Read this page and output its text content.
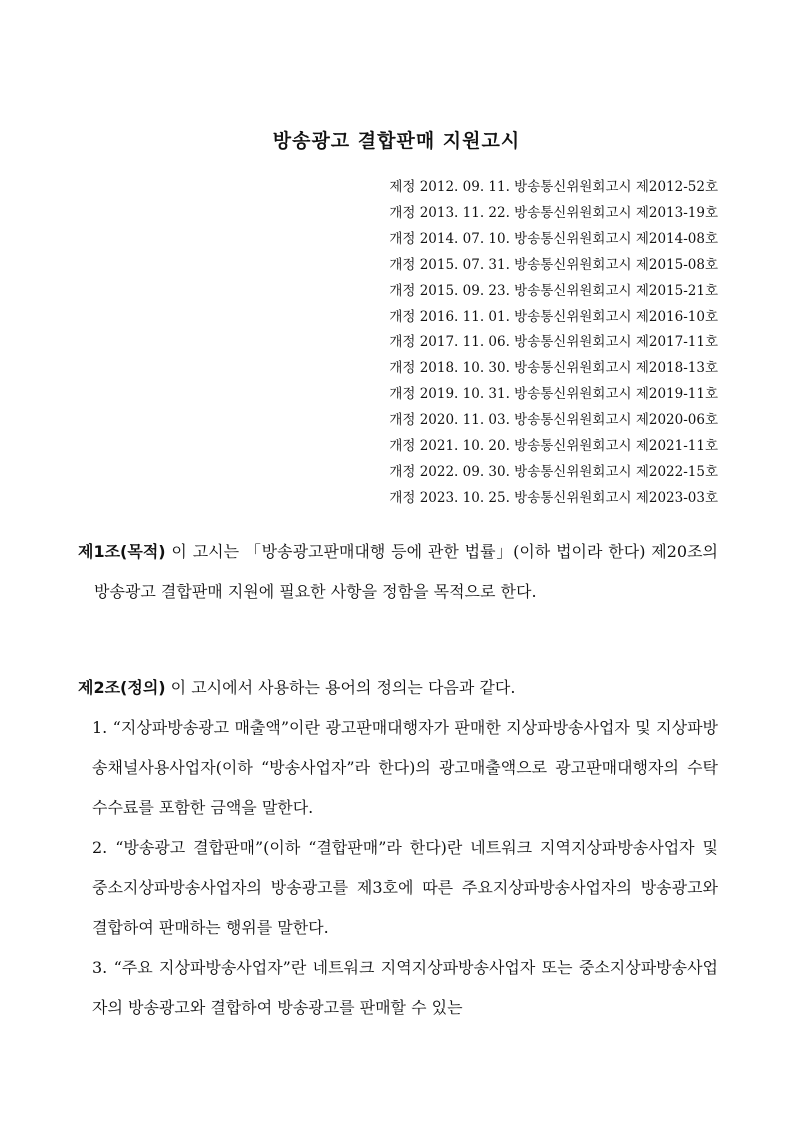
방송광고 결합판매 지원고시
제정 2012. 09. 11. 방송통신위원회고시 제2012-52호
개정 2013. 11. 22. 방송통신위원회고시 제2013-19호
개정 2014. 07. 10. 방송통신위원회고시 제2014-08호
개정 2015. 07. 31. 방송통신위원회고시 제2015-08호
개정 2015. 09. 23. 방송통신위원회고시 제2015-21호
개정 2016. 11. 01. 방송통신위원회고시 제2016-10호
개정 2017. 11. 06. 방송통신위원회고시 제2017-11호
개정 2018. 10. 30. 방송통신위원회고시 제2018-13호
개정 2019. 10. 31. 방송통신위원회고시 제2019-11호
개정 2020. 11. 03. 방송통신위원회고시 제2020-06호
개정 2021. 10. 20. 방송통신위원회고시 제2021-11호
개정 2022. 09. 30. 방송통신위원회고시 제2022-15호
개정 2023. 10. 25. 방송통신위원회고시 제2023-03호

제1조(목적) 이 고시는 「방송광고판매대행 등에 관한 법률」(이하 법이라 한다) 제20조의 방송광고 결합판매 지원에 필요한 사항을 정함을 목적으로 한다.

제2조(정의) 이 고시에서 사용하는 용어의 정의는 다음과 같다.

1. “지상파방송광고 매출액”이란 광고판매대행자가 판매한 지상파방송사업자 및 지상파방송채널사용사업자(이하 “방송사업자”라 한다)의 광고매출액으로 광고판매대행자의 수탁수수료를 포함한 금액을 말한다.
2. “방송광고 결합판매”(이하 “결합판매”라 한다)란 네트워크 지역지상파방송사업자 및 중소지상파방송사업자의 방송광고를 제3호에 따른 주요지상파방송사업자의 방송광고와 결합하여 판매하는 행위를 말한다.
3. “주요 지상파방송사업자”란 네트워크 지역지상파방송사업자 또는 중소지상파방송사업자의 방송광고와 결합하여 방송광고를 판매할 수 있는
